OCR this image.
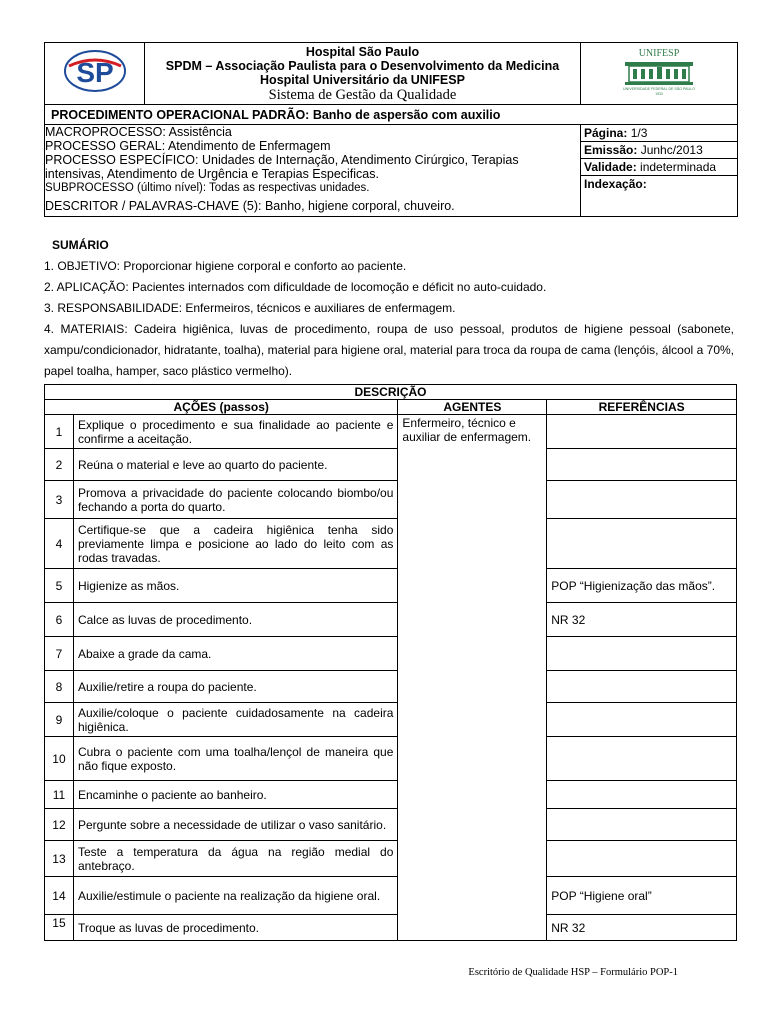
SP

Hospital São Paulo
SPDM – Associação Paulista para o Desenvolvimento da Medicina
Hospital Universitário da UNIFESP
Sistema de Gestão da Qualidade

UNIFESP
UNIVERSIDADE FEDERAL DE SÃO PAULO
1933

PROCEDIMENTO OPERACIONAL PADRÃO: Banho de aspersão com auxilio

MACROPROCESSO: Assistência
PROCESSO GERAL: Atendimento de Enfermagem
PROCESSO ESPECÍFICO: Unidades de Internação, Atendimento Cirúrgico, Terapias
intensivas, Atendimento de Urgência e Terapias Especificas.
SUBPROCESSO (último nível): Todas as respectivas unidades.
DESCRITOR / PALAVRAS-CHAVE (5): Banho, higiene corporal, chuveiro.

Página: 1/3
Emissão: Junhc/2013
Validade: indeterminada
Indexação:
SUMÁRIO
1. OBJETIVO: Proporcionar higiene corporal e conforto ao paciente.
2. APLICAÇÃO: Pacientes internados com dificuldade de locomoção e déficit no auto-cuidado.
3. RESPONSABILIDADE: Enfermeiros, técnicos e auxiliares de enfermagem.
4. MATERIAIS: Cadeira higiênica, luvas de procedimento, roupa de uso pessoal, produtos de higiene pessoal (sabonete, xampu/condicionador, hidratante, toalha), material para higiene oral, material para troca da roupa de cama (lençóis, álcool a 70%, papel toalha, hamper, saco plástico vermelho).
DESCRIÇÃO			
AÇÕES (passos)		AGENTES	REFERÊNCIAS
1	Explique o procedimento e sua finalidade ao paciente e confirme a aceitação.	Enfermeiro, técnico e auxiliar de enfermagem.	
2	Reúna o material e leve ao quarto do paciente.		
3	Promova a privacidade do paciente colocando biombo/ou fechando a porta do quarto.		
4	Certifique-se que a cadeira higiênica tenha sido previamente limpa e posicione ao lado do leito com as rodas travadas.		
5	Higienize as mãos.		POP “Higienização das mãos”.
6	Calce as luvas de procedimento.		NR 32
7	Abaixe a grade da cama.		
8	Auxilie/retire a roupa do paciente.		
9	Auxilie/coloque o paciente cuidadosamente na cadeira higiênica.		
10	Cubra o paciente com uma toalha/lençol de maneira que não fique exposto.		
11	Encaminhe o paciente ao banheiro.		
12	Pergunte sobre a necessidade de utilizar o vaso sanitário.		
13	Teste a temperatura da água na região medial do antebraço.		
14	Auxilie/estimule o paciente na realização da higiene oral.		POP “Higiene oral”
15	Troque as luvas de procedimento.		NR 32
Escritório de Qualidade HSP – Formulário POP-1
